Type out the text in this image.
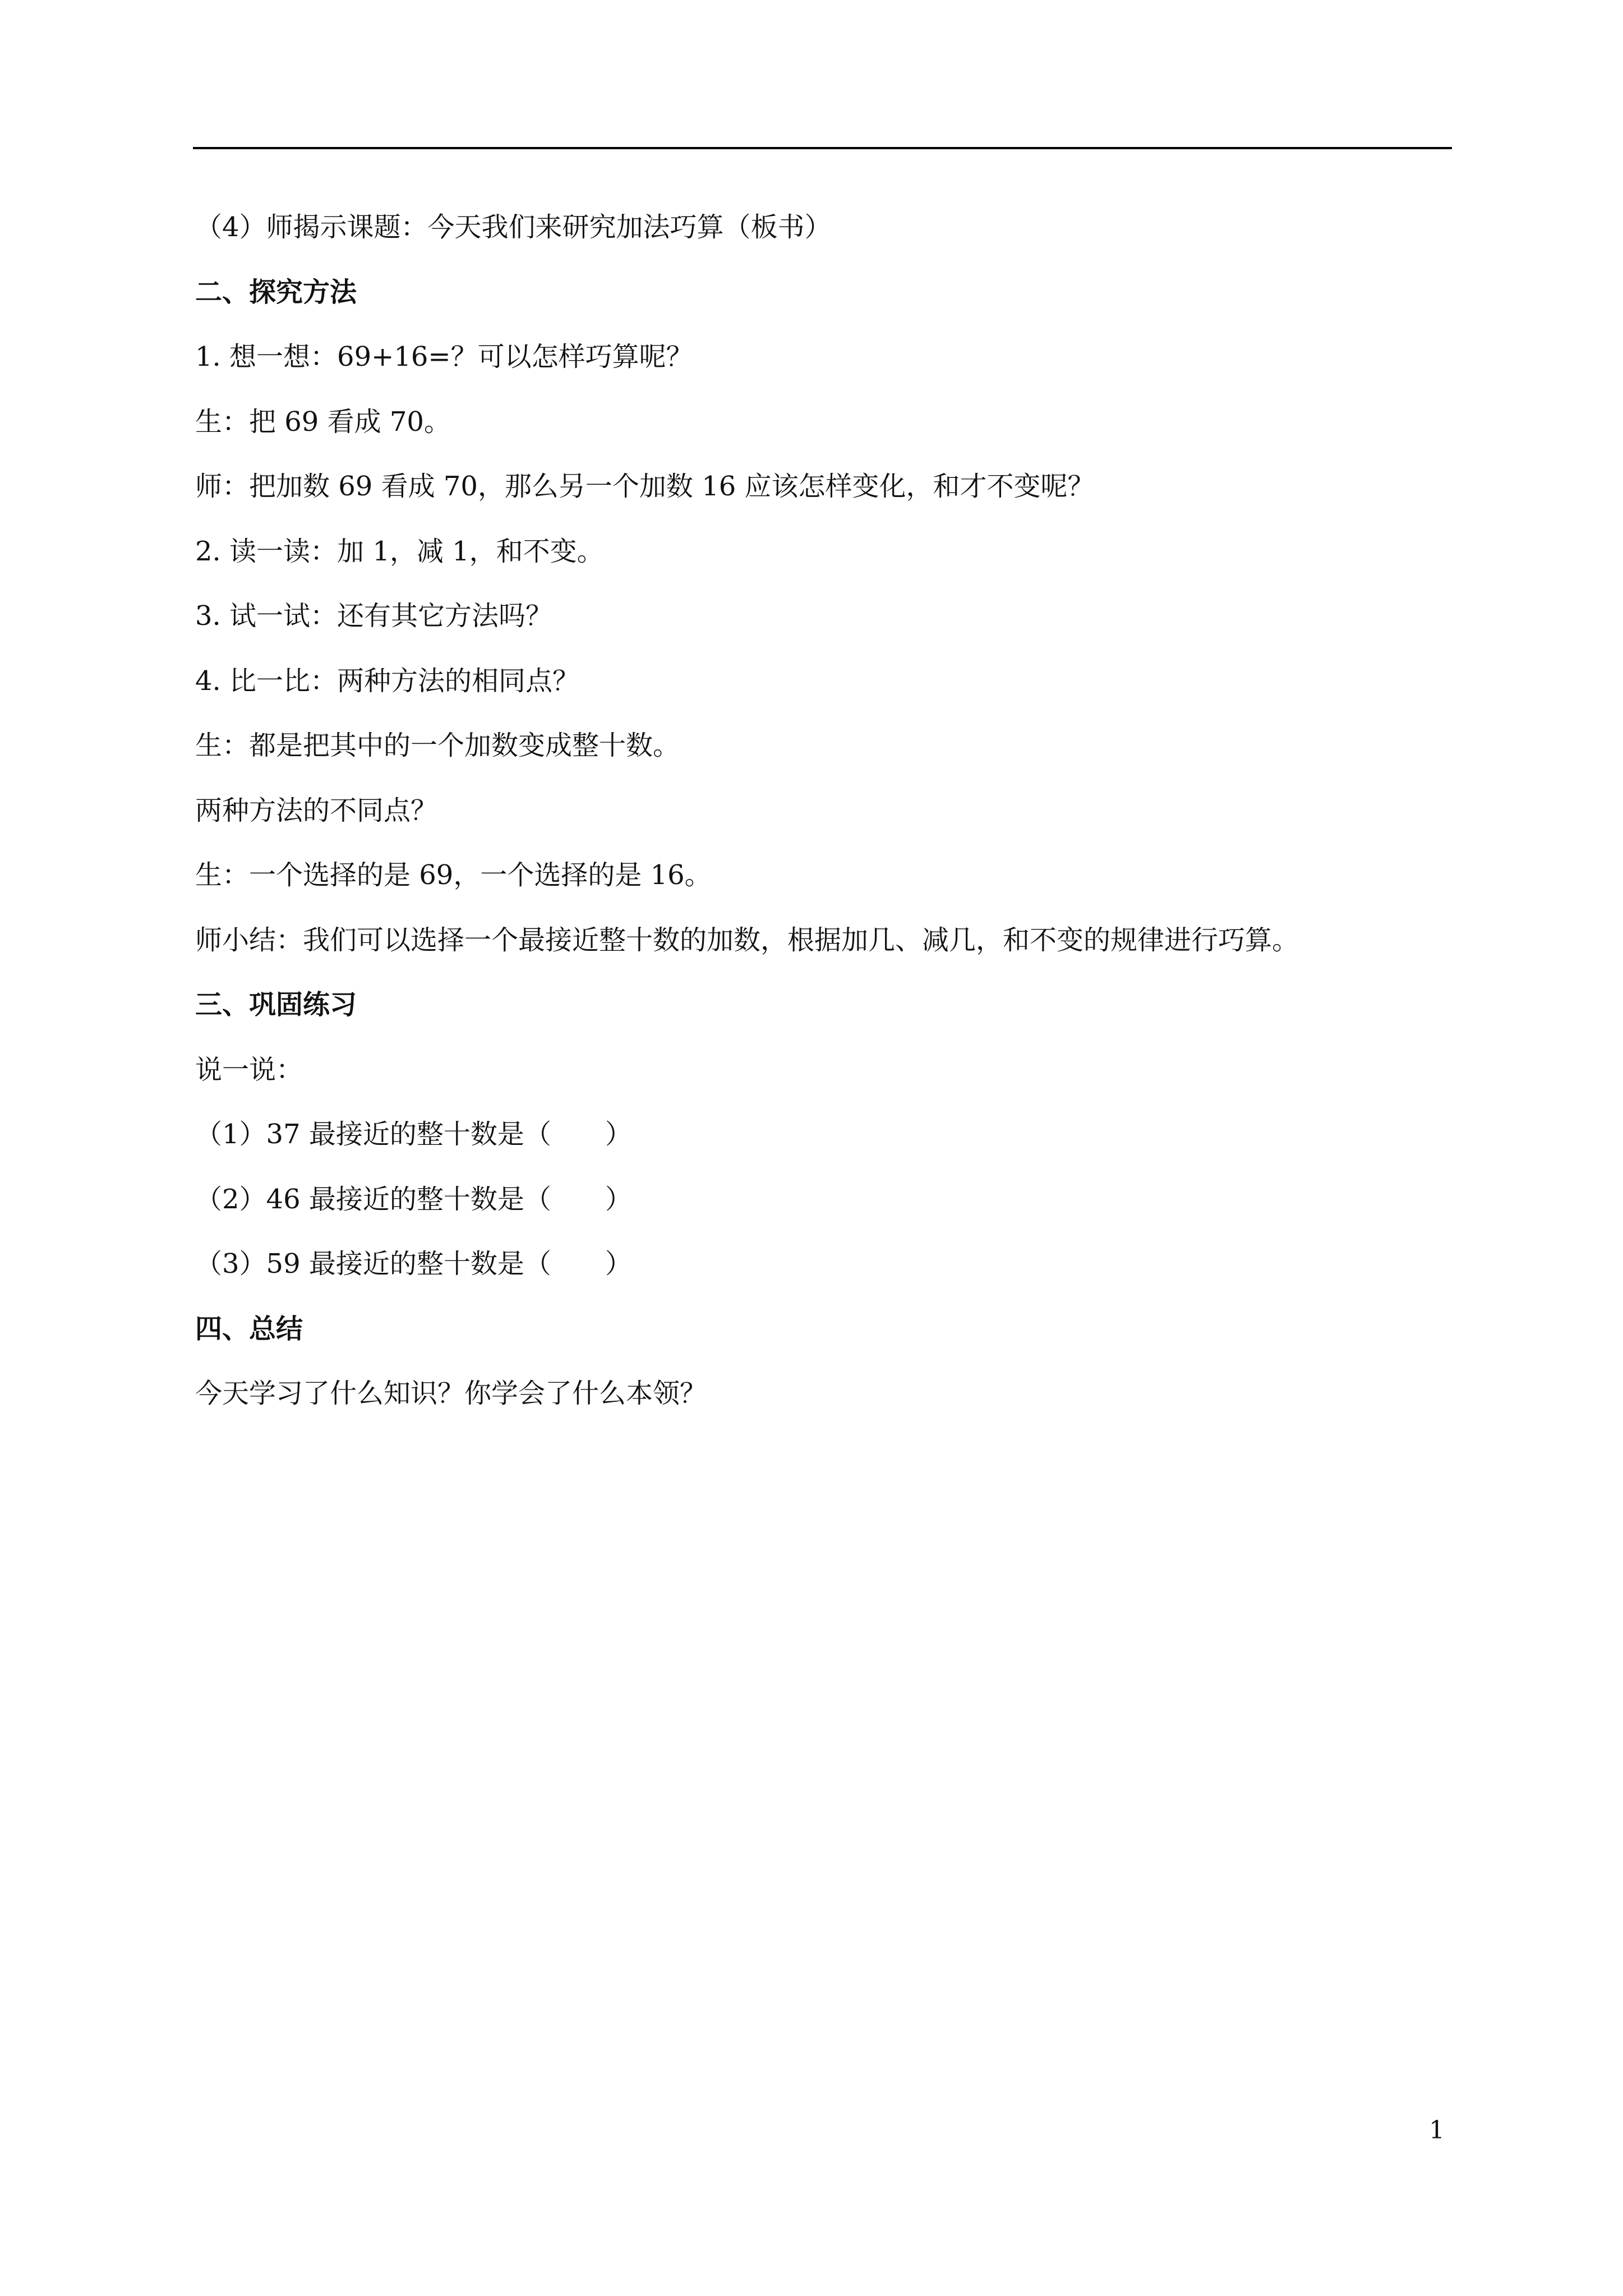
（4）师揭示课题：今天我们来研究加法巧算（板书）
二、探究方法
1. 想一想：69+16=？可以怎样巧算呢？
生：把 69 看成 70。
师：把加数 69 看成 70，那么另一个加数 16 应该怎样变化，和才不变呢？
2. 读一读：加 1，减 1，和不变。
3. 试一试：还有其它方法吗？
4. 比一比：两种方法的相同点？
生：都是把其中的一个加数变成整十数。
两种方法的不同点？
生：一个选择的是 69，一个选择的是 16。
师小结：我们可以选择一个最接近整十数的加数，根据加几、减几，和不变的规律进行巧算。
三、巩固练习
说一说：
（1）37 最接近的整十数是（　　）
（2）46 最接近的整十数是（　　）
（3）59 最接近的整十数是（　　）
四、总结
今天学习了什么知识？你学会了什么本领？
1
